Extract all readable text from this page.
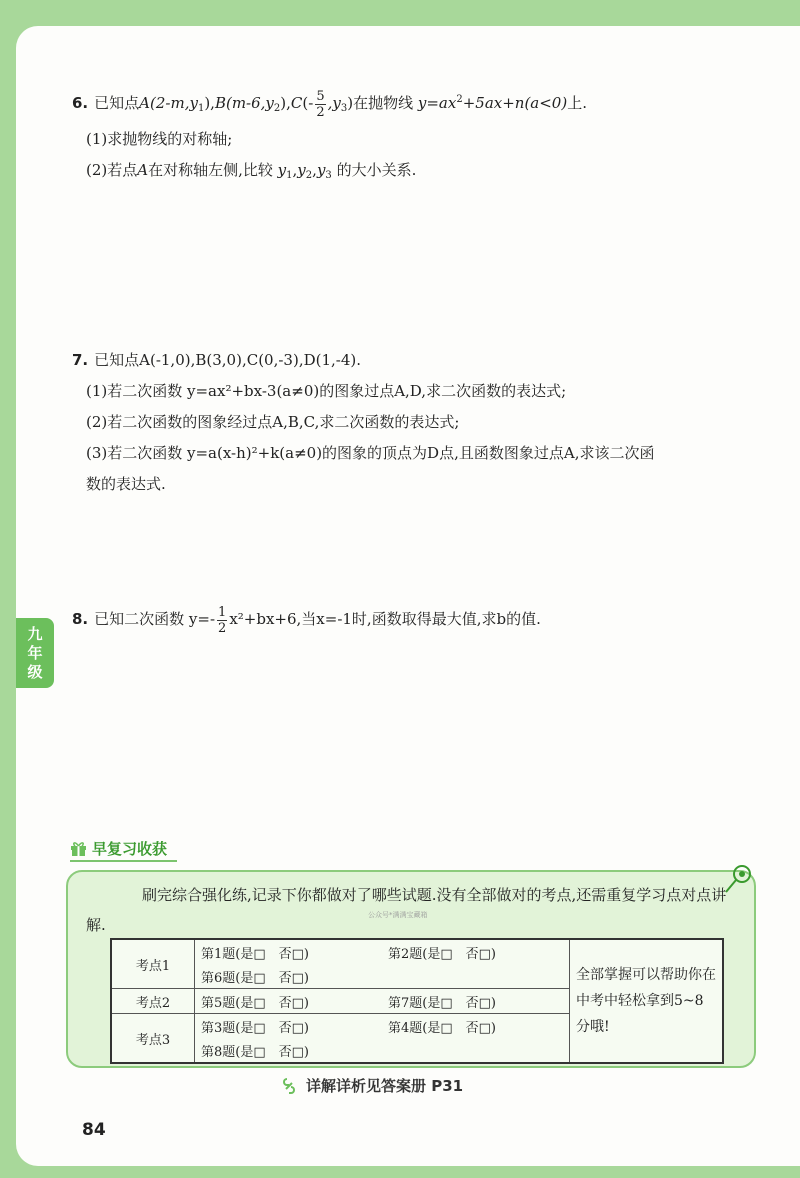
九
年
级
6. 已知点$A(2-m,y_1),B(m-6,y_2),C(- \frac{5}{2} ,y_3)$在抛物线 $y=ax^2+5ax+n(a<0)$上.
(1)求抛物线的对称轴;
(2)若点A在对称轴左侧,比较 $y_1,y_2,y_3$ 的大小关系.
7. 已知点A(-1,0),B(3,0),C(0,-3),D(1,-4).
(1)若二次函数 y=ax²+bx-3(a≠0)的图象过点A,D,求二次函数的表达式;
(2)若二次函数的图象经过点A,B,C,求二次函数的表达式;
(3)若二次函数 y=a(x-h)²+k(a≠0)的图象的顶点为D点,且函数图象过点A,求该二次函
数的表达式.
8. 已知二次函数 $y=- \frac{1}{2} x^2+bx+6$,当x=-1时,函数取得最大值,求b的值.
早复习收获
刷完综合强化练,记录下你都做对了哪些试题.没有全部做对的考点,还需重复学习点对点讲解.
公众号*满满宝藏箱
考点1	第1题(是□　否□)	第2题(是□　否□)	全部掌握可以帮助你在中考中轻松拿到5~8分哦!
	第6题(是□　否□)		
考点2	第5题(是□　否□)	第7题(是□　否□)	
考点3	第3题(是□　否□)	第4题(是□　否□)	
	第8题(是□　否□)		
详解详析见答案册 P31
84
